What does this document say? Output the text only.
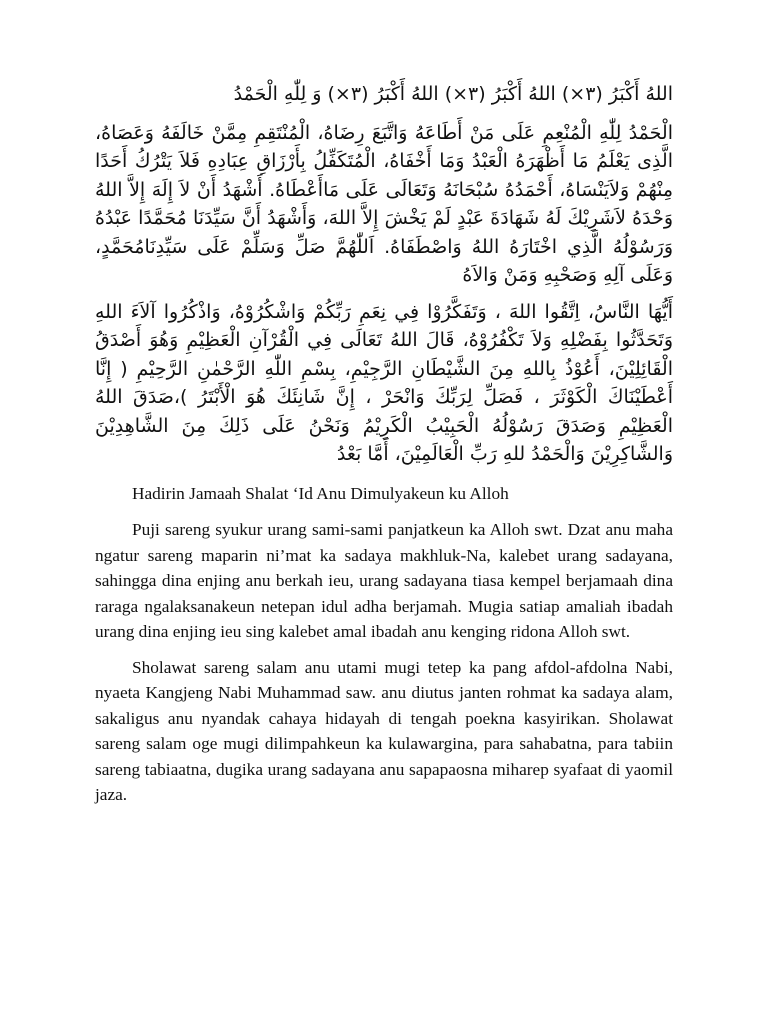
اللهُ أَكْبَرُ (٣×) اللهُ أَكْبَرُ (٣×) اللهُ أَكْبَرُ (٣×) وَ لِلّٰهِ الْحَمْدُ

الْحَمْدُ لِلّٰهِ الْمُنْعِمِ عَلَى مَنْ أَطَاعَهُ وَاتَّبَعَ رِضَاهُ، الْمُنْتَقِمِ مِمَّنْ خَالَفَهُ وَعَصَاهُ، الَّذِى يَعْلَمُ مَا أَظْهَرَهُ الْعَبْدُ وَمَا أَخْفَاهُ، الْمُتَكَفِّلُ بِأَرْزَاقِ عِبَادِهِ فَلاَ يَتْرُكُ أَحَدًا مِنْهُمْ وَلاَيَنْسَاهُ، أَحْمَدُهُ سُبْحَانَهُ وَتَعَالَى عَلَى مَاأَعْطَاهُ. أَشْهَدُ أَنْ لاَ إِلَهَ إِلاَّ اللهُ وَحْدَهُ لاَشَرِيْكَ لَهُ شَهَادَةَ عَبْدٍ لَمْ يَخْشَ إِلاَّ اللهَ، وَأَشْهَدُ أَنَّ سَيِّدَنَا مُحَمَّدًا عَبْدُهُ وَرَسُوْلُهُ الَّذِي اخْتَارَهُ اللهُ وَاصْطَفَاهُ. اَللّٰهُمَّ صَلِّ وَسَلِّمْ عَلَى سَيِّدِنَامُحَمَّدٍ، وَعَلَى آلِهِ وَصَحْبِهِ وَمَنْ وَالاَهُ

أَيُّهَا النَّاسُ، اِتَّقُوا اللهَ ، وَتَفَكَّرُوْا فِي نِعَمِ رَبِّكُمْ وَاشْكُرُوْهُ، وَاذْكُرُوا آلاَءَ اللهِ وَتَحَدَّثُوا بِفَضْلِهِ وَلاَ تَكْفُرُوْهُ، قَالَ اللهُ تَعَالَى فِي الْقُرْآنِ الْعَظِيْمِ وَهُوَ أَصْدَقُ الْقَائِلِيْنَ، أَعُوْذُ بِاللهِ مِنَ الشَّيْطَانِ الرَّجِيْمِ، بِسْمِ اللّٰهِ الرَّحْمٰنِ الرَّحِيْمِ ( إِنَّا أَعْطَيْنَاكَ الْكَوْثَرَ ، فَصَلِّ لِرَبِّكَ وَانْحَرْ ، إِنَّ شَانِئَكَ هُوَ الْأَبْتَرُ )،صَدَقَ اللهُ الْعَظِيْمِ وَصَدَقَ رَسُوْلُهُ الْحَبِيْبُ الْكَرِيْمُ وَنَحْنُ عَلَى ذَلِكَ مِنَ الشَّاهِدِيْنَ وَالشَّاكِرِيْنَ وَالْحَمْدُ للهِ رَبِّ الْعَالَمِيْنَ، أَمَّا بَعْدُ

Hadirin Jamaah Shalat ‘Id Anu Dimulyakeun ku Alloh

Puji sareng syukur urang sami-sami panjatkeun ka Alloh swt. Dzat anu maha ngatur sareng maparin ni’mat ka sadaya makhluk-Na, kalebet urang sadayana, sahingga dina enjing anu berkah ieu, urang sadayana tiasa kempel berjamaah dina raraga ngalaksanakeun netepan idul adha berjamah. Mugia satiap amaliah ibadah urang dina enjing ieu sing kalebet amal ibadah anu kenging ridona Alloh swt.

Sholawat sareng salam anu utami mugi tetep ka pang afdol-afdolna Nabi, nyaeta Kangjeng Nabi Muhammad saw. anu diutus janten rohmat ka sadaya alam, sakaligus anu nyandak cahaya hidayah di tengah poekna kasyirikan. Sholawat sareng salam oge mugi dilimpahkeun ka kulawargina, para sahabatna, para tabiin sareng tabiaatna, dugika urang sadayana anu sapapaosna miharep syafaat di yaomil jaza.
